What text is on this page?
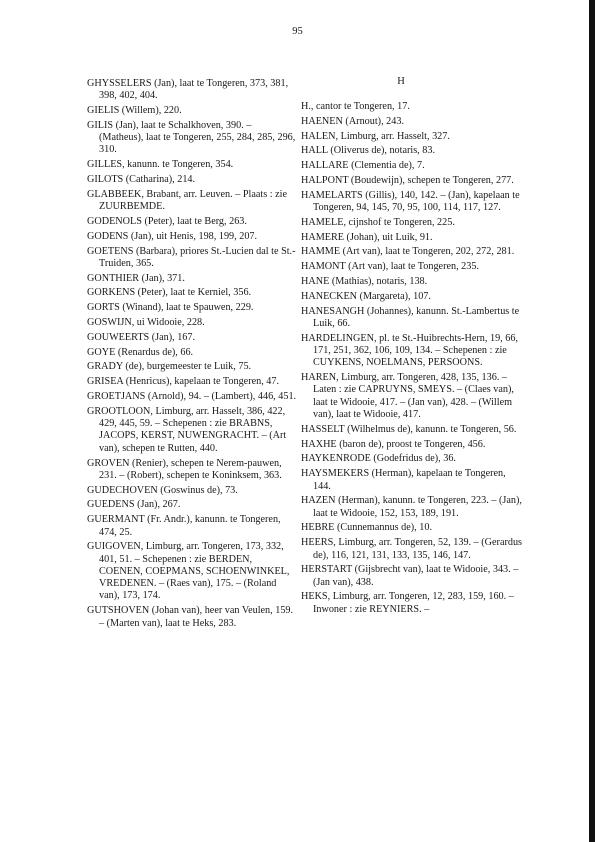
95

GHYSSELERS (Jan), laat te Tongeren, 373, 381, 398, 402, 404.

GIELIS (Willem), 220.

GILIS (Jan), laat te Schalkhoven, 390. – (Matheus), laat te Tongeren, 255, 284, 285, 296, 310.

GILLES, kanunn. te Tongeren, 354.

GILOTS (Catharina), 214.

GLABBEEK, Brabant, arr. Leuven. – Plaats : zie ZUURBEMDE.

GODENOLS (Peter), laat te Berg, 263.

GODENS (Jan), uit Henis, 198, 199, 207.

GOETENS (Barbara), priores St.-Lucien dal te St.-Truiden, 365.

GONTHIER (Jan), 371.

GORKENS (Peter), laat te Kerniel, 356.

GORTS (Winand), laat te Spauwen, 229.

GOSWIJN, ui Widooie, 228.

GOUWEERTS (Jan), 167.

GOYE (Renardus de), 66.

GRADY (de), burgemeester te Luik, 75.

GRISEA (Henricus), kapelaan te Tongeren, 47.

GROETJANS (Arnold), 94. – (Lambert), 446, 451.

GROOTLOON, Limburg, arr. Hasselt, 386, 422, 429, 445, 59. – Schepenen : zie BRABNS, JACOPS, KERST, NUWENGRACHT. – (Art van), schepen te Rutten, 440.

GROVEN (Renier), schepen te Nerem-pauwen, 231. – (Robert), schepen te Koninksem, 363.

GUDECHOVEN (Goswinus de), 73.

GUEDENS (Jan), 267.

GUERMANT (Fr. Andr.), kanunn. te Tongeren, 474, 25.

GUIGOVEN, Limburg, arr. Tongeren, 173, 332, 401, 51. – Schepenen : zie BERDEN, COENEN, COEPMANS, SCHOENWINKEL, VREDENEN. – (Raes van), 175. – (Roland van), 173, 174.

GUTSHOVEN (Johan van), heer van Veulen, 159. – (Marten van), laat te Heks, 283.

H

H., cantor te Tongeren, 17.

HAENEN (Arnout), 243.

HALEN, Limburg, arr. Hasselt, 327.

HALL (Oliverus de), notaris, 83.

HALLARE (Clementia de), 7.

HALPONT (Boudewijn), schepen te Tongeren, 277.

HAMELARTS (Gillis), 140, 142. – (Jan), kapelaan te Tongeren, 94, 145, 70, 95, 100, 114, 117, 127.

HAMELE, cijnshof te Tongeren, 225.

HAMERE (Johan), uit Luik, 91.

HAMME (Art van), laat te Tongeren, 202, 272, 281.

HAMONT (Art van), laat te Tongeren, 235.

HANE (Mathias), notaris, 138.

HANECKEN (Margareta), 107.

HANESANGH (Johannes), kanunn. St.-Lambertus te Luik, 66.

HARDELINGEN, pl. te St.-Huibrechts-Hern, 19, 66, 171, 251, 362, 106, 109, 134. – Schepenen : zie CUYKENS, NOELMANS, PERSOONS.

HAREN, Limburg, arr. Tongeren, 428, 135, 136. – Laten : zie CAPRUYNS, SMEYS. – (Claes van), laat te Widooie, 417. – (Jan van), 428. – (Willem van), laat te Widooie, 417.

HASSELT (Wilhelmus de), kanunn. te Tongeren, 56.

HAXHE (baron de), proost te Tongeren, 456.

HAYKENRODE (Godefridus de), 36.

HAYSMEKERS (Herman), kapelaan te Tongeren, 144.

HAZEN (Herman), kanunn. te Tongeren, 223. – (Jan), laat te Widooie, 152, 153, 189, 191.

HEBRE (Cunnemannus de), 10.

HEERS, Limburg, arr. Tongeren, 52, 139. – (Gerardus de), 116, 121, 131, 133, 135, 146, 147.

HERSTART (Gijsbrecht van), laat te Widooie, 343. – (Jan van), 438.

HEKS, Limburg, arr. Tongeren, 12, 283, 159, 160. – Inwoner : zie REYNIERS. –
